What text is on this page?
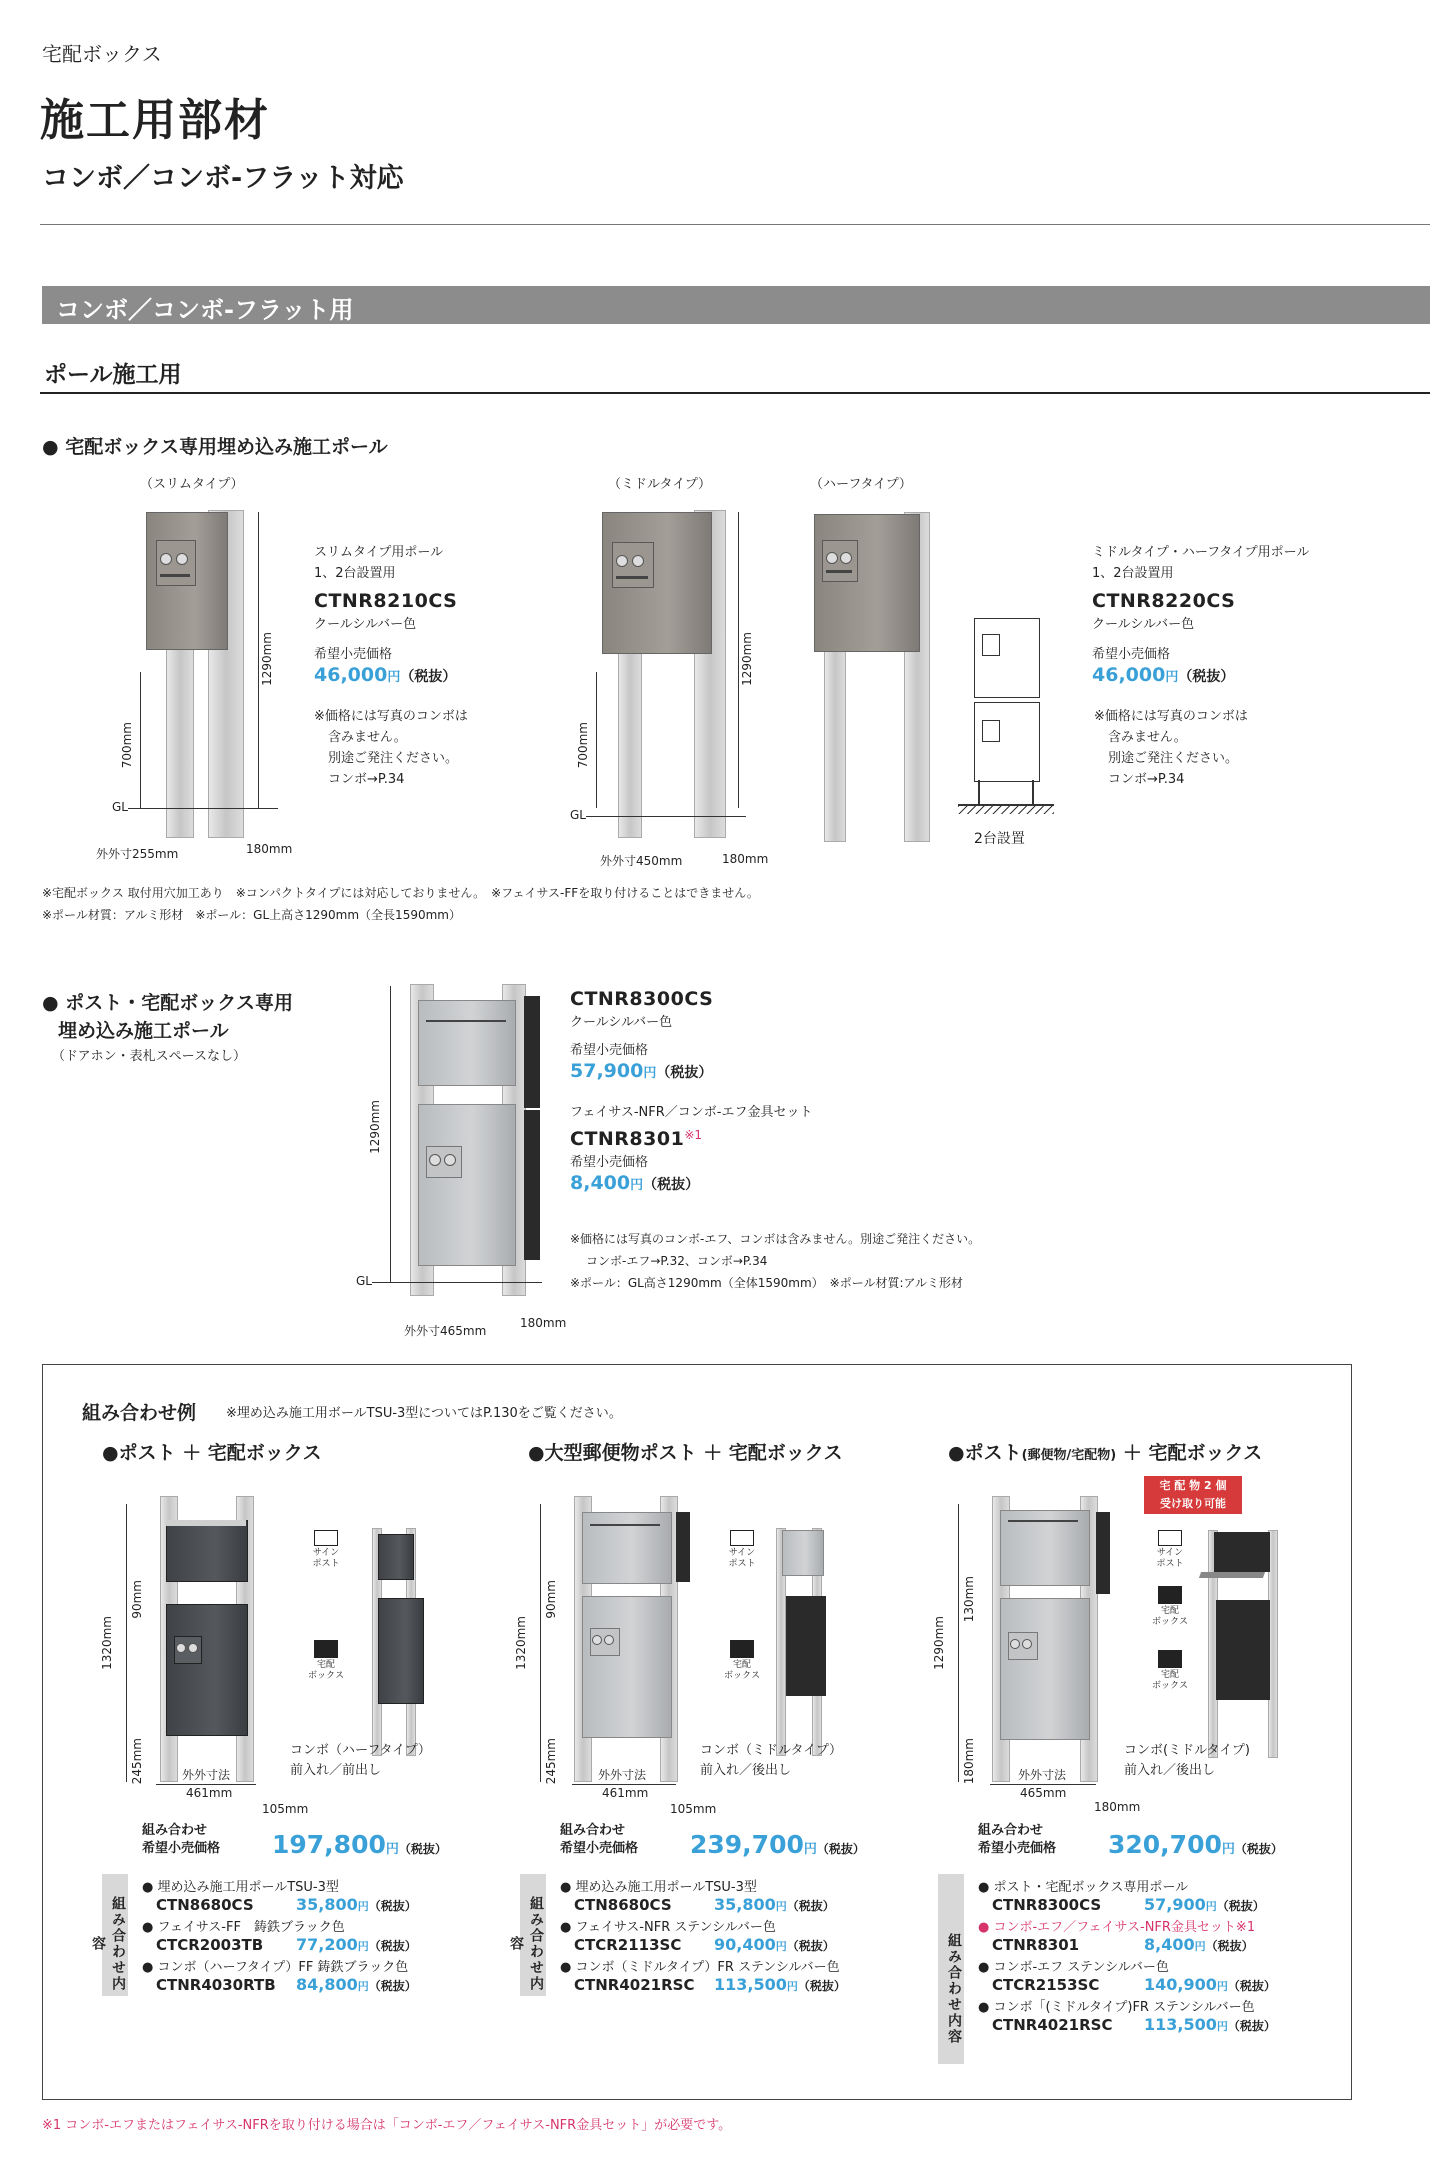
宅配ボックス
施工用部材
コンボ／コンボ-フラット対応
コンボ／コンボ-フラット用
ポール施工用
● 宅配ボックス専用埋め込み施工ポール
（スリムタイプ）	（ミドルタイプ）	（ハーフタイプ）
1290mm
700mm
GL
外外寸255mm	180mm
スリムタイプ用ポール
1、2台設置用
CTNR8210CS
クールシルバー色
希望小売価格
46,000円（税抜）
※価格には写真のコンボは
含みません。
別途ご発注ください。
コンボ→P.34
1290mm
700mm
GL
外外寸450mm	180mm
2台設置
ミドルタイプ・ハーフタイプ用ポール
1、2台設置用
CTNR8220CS
クールシルバー色
希望小売価格
46,000円（税抜）
※価格には写真のコンボは
含みません。
別途ご発注ください。
コンボ→P.34
※宅配ボックス 取付用穴加工あり　※コンパクトタイプには対応しておりません。　※フェイサス-FFを取り付けることはできません。
※ポール材質：アルミ形材　※ポール：GL上高さ1290mm（全長1590mm）
● ポスト・宅配ボックス専用
埋め込み施工ポール
（ドアホン・表札スペースなし）
1290mm
GL
外外寸465mm
180mm
CTNR8300CS
クールシルバー色
希望小売価格
57,900円（税抜）
フェイサス-NFR／コンボ-エフ金具セット
CTNR8301$^{※1}$
希望小売価格
8,400円（税抜）
※価格には写真のコンボ-エフ、コンボは含みません。別途ご発注ください。
コンボ-エフ→P.32、コンボ→P.34
※ポール：GL高さ1290mm（全体1590mm）　※ポール材質:アルミ形材
組み合わせ例 ※埋め込み施工用ボールTSU-3型についてはP.130をご覧ください。
●ポスト ＋ 宅配ボックス
1320mm
90mm
245mm
サイン
ポスト
宅配
ボックス
コンボ（ハーフタイプ）
前入れ／前出し
外外寸法
461mm
105mm
組み合わせ
希望小売価格 197,800円（税抜）
組み合わせ内容
● 埋め込み施工用ポールTSU-3型
CTN8680CS	35,800円（税抜）
● フェイサス-FF　鋳鉄ブラック色
CTCR2003TB 77,200円（税抜）
● コンボ（ハーフタイプ）FF 鋳鉄ブラック色
CTNR4030RTB 84,800円（税抜）
●大型郵便物ポスト ＋ 宅配ボックス
1320mm
90mm
245mm
サイン
ポスト
宅配
ボックス
コンボ（ミドルタイプ）
前入れ／後出し
外外寸法
461mm
105mm
組み合わせ
希望小売価格 239,700円（税抜）
組み合わせ内容
● 埋め込み施工用ポールTSU-3型
CTN8680CS	35,800円（税抜）
● フェイサス-NFR ステンシルバー色
CTCR2113SC 90,400円（税抜）
● コンボ（ミドルタイプ）FR ステンシルバー色
CTNR4021RSC 113,500円（税抜）
●ポスト(郵便物/宅配物) ＋ 宅配ボックス
宅 配 物 2 個
受け取り可能
1290mm
130mm
180mm
サイン
ポスト
宅配
ボックス
宅配
ボックス
コンボ(ミドルタイプ)
前入れ／後出し
外外寸法
465mm
180mm
組み合わせ
希望小売価格 320,700円（税抜）
組み合わせ内容
● ポスト・宅配ボックス専用ポール
CTNR8300CS	57,900円（税抜）
● コンボ-エフ／フェイサス-NFR金具セット※1
CTNR8301	8,400円（税抜）
● コンボ-エフ ステンシルバー色
CTCR2153SC	140,900円（税抜）
● コンボ「(ミドルタイプ)FR ステンシルバー色
CTNR4021RSC 113,500円（税抜）
※1 コンボ-エフまたはフェイサス-NFRを取り付ける場合は「コンボ-エフ／フェイサス-NFR金具セット」が必要です。
